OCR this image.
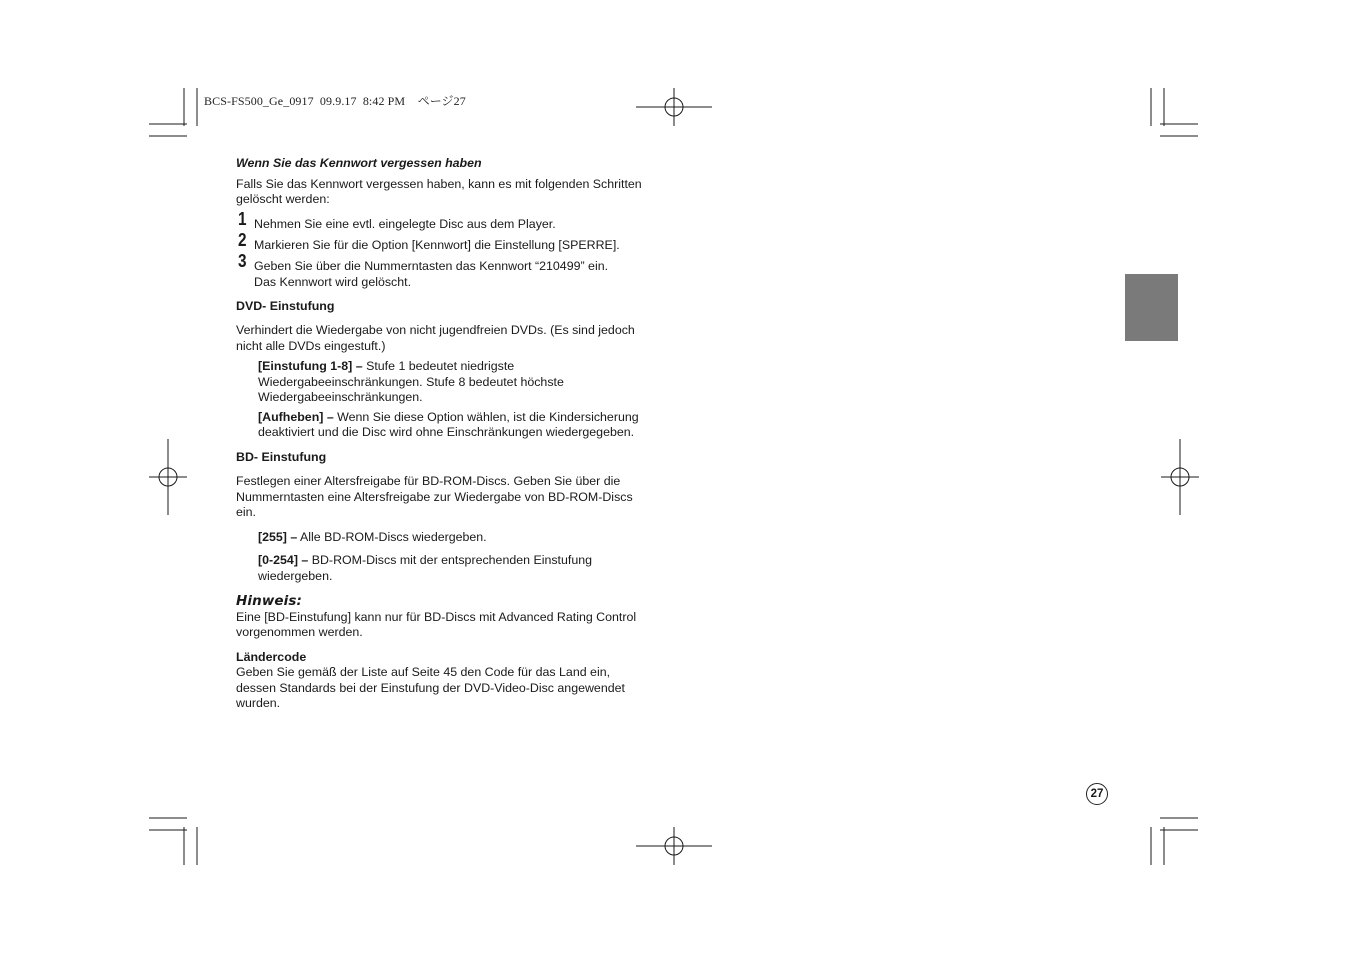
BCS-FS500_Ge_0917  09.9.17  8:42 PM    ページ27
27

Wenn Sie das Kennwort vergessen haben

Falls Sie das Kennwort vergessen haben, kann es mit folgenden Schritten

gelöscht werden:

1 Nehmen Sie eine evtl. eingelegte Disc aus dem Player.
2 Markieren Sie für die Option [Kennwort] die Einstellung [SPERRE].
3 Geben Sie über die Nummerntasten das Kennwort “210499” ein.
Das Kennwort wird gelöscht.

DVD- Einstufung

Verhindert die Wiedergabe von nicht jugendfreien DVDs. (Es sind jedoch

nicht alle DVDs eingestuft.)

[Einstufung 1-8] – Stufe 1 bedeutet niedrigste

Wiedergabeeinschränkungen. Stufe 8 bedeutet höchste

Wiedergabeeinschränkungen.

[Aufheben] – Wenn Sie diese Option wählen, ist die Kindersicherung

deaktiviert und die Disc wird ohne Einschränkungen wiedergegeben.

BD- Einstufung

Festlegen einer Altersfreigabe für BD-ROM-Discs. Geben Sie über die

Nummerntasten eine Altersfreigabe zur Wiedergabe von BD-ROM-Discs

ein.

[255] – Alle BD-ROM-Discs wiedergeben.

[0-254] – BD-ROM-Discs mit der entsprechenden Einstufung

wiedergeben.

Hinweis:

Eine [BD-Einstufung] kann nur für BD-Discs mit Advanced Rating Control

vorgenommen werden.

Ländercode

Geben Sie gemäß der Liste auf Seite 45 den Code für das Land ein,

dessen Standards bei der Einstufung der DVD-Video-Disc angewendet

wurden.
